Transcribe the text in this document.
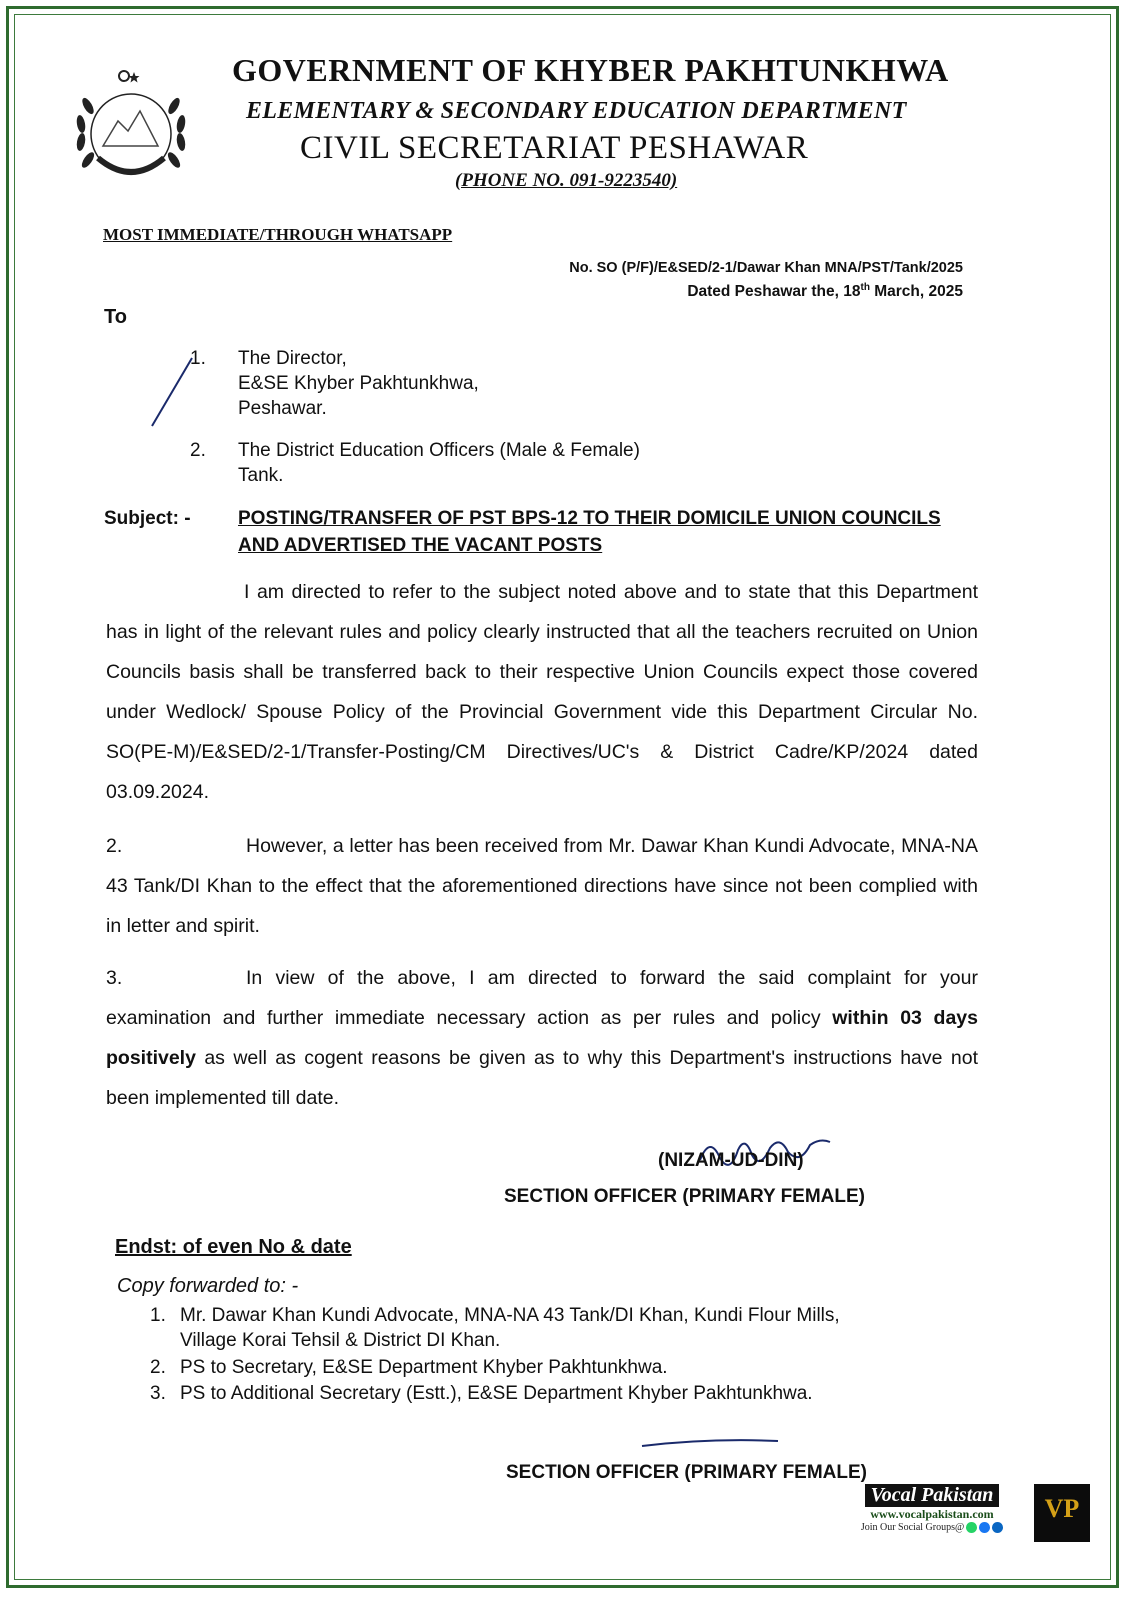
GOVERNMENT OF KHYBER PAKHTUNKHWA
ELEMENTARY & SECONDARY EDUCATION DEPARTMENT
CIVIL SECRETARIAT PESHAWAR
(PHONE NO. 091-9223540)
MOST IMMEDIATE/THROUGH WHATSAPP
No. SO (P/F)/E&SED/2-1/Dawar Khan MNA/PST/Tank/2025
Dated Peshawar the, 18th March, 2025
To
1. The Director,
E&SE Khyber Pakhtunkhwa,
Peshawar.
2. The District Education Officers (Male & Female)
Tank.
Subject: - POSTING/TRANSFER OF PST BPS-12 TO THEIR DOMICILE UNION COUNCILS AND ADVERTISED THE VACANT POSTS
I am directed to refer to the subject noted above and to state that this Department has in light of the relevant rules and policy clearly instructed that all the teachers recruited on Union Councils basis shall be transferred back to their respective Union Councils expect those covered under Wedlock/ Spouse Policy of the Provincial Government vide this Department Circular No. SO(PE-M)/E&SED/2-1/Transfer-Posting/CM Directives/UC's & District Cadre/KP/2024 dated 03.09.2024.
2.	However, a letter has been received from Mr. Dawar Khan Kundi Advocate, MNA-NA 43 Tank/DI Khan to the effect that the aforementioned directions have since not been complied with in letter and spirit.
3.	In view of the above, I am directed to forward the said complaint for your examination and further immediate necessary action as per rules and policy within 03 days positively as well as cogent reasons be given as to why this Department's instructions have not been implemented till date.
(NIZAM-UD-DIN)
SECTION OFFICER (PRIMARY FEMALE)
Endst: of even No & date
Copy forwarded to: -
1. Mr. Dawar Khan Kundi Advocate, MNA-NA 43 Tank/DI Khan, Kundi Flour Mills,
Village Korai Tehsil & District DI Khan.
2. PS to Secretary, E&SE Department Khyber Pakhtunkhwa.
3. PS to Additional Secretary (Estt.), E&SE Department Khyber Pakhtunkhwa.
SECTION OFFICER (PRIMARY FEMALE)
Vocal Pakistan
www.vocalpakistan.com
Join Our Social Groups@
VP
